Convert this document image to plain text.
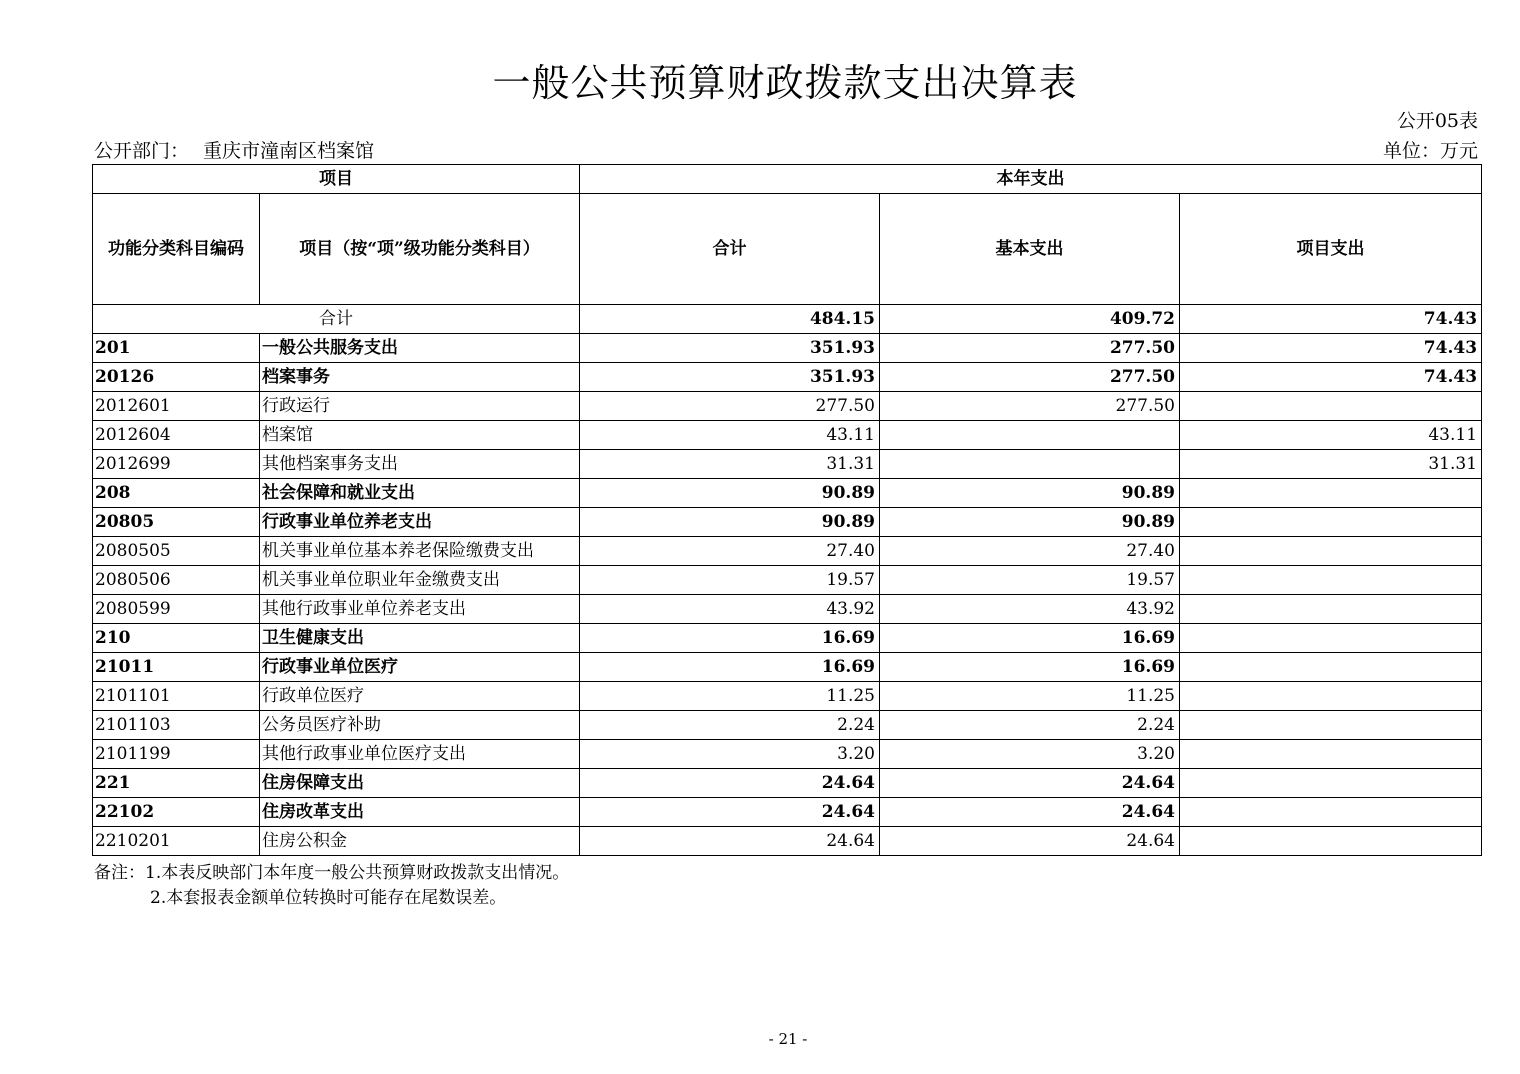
一般公共预算财政拨款支出决算表
公开05表
公开部门： 重庆市潼南区档案馆	单位：万元
项目		本年支出		
功能分类科目编码	项目（按“项”级功能分类科目）	合计	基本支出	项目支出
合计		484.15	409.72	74.43
201	一般公共服务支出	351.93	277.50	74.43
20126	档案事务	351.93	277.50	74.43
2012601	行政运行	277.50	277.50	
2012604	档案馆	43.11		43.11
2012699	其他档案事务支出	31.31		31.31
208	社会保障和就业支出	90.89	90.89	
20805	行政事业单位养老支出	90.89	90.89	
2080505	机关事业单位基本养老保险缴费支出	27.40	27.40	
2080506	机关事业单位职业年金缴费支出	19.57	19.57	
2080599	其他行政事业单位养老支出	43.92	43.92	
210	卫生健康支出	16.69	16.69	
21011	行政事业单位医疗	16.69	16.69	
2101101	行政单位医疗	11.25	11.25	
2101103	公务员医疗补助	2.24	2.24	
2101199	其他行政事业单位医疗支出	3.20	3.20	
221	住房保障支出	24.64	24.64	
22102	住房改革支出	24.64	24.64	
2210201	住房公积金	24.64	24.64	
备注：1.本表反映部门本年度一般公共预算财政拨款支出情况。
2.本套报表金额单位转换时可能存在尾数误差。
- 21 -
